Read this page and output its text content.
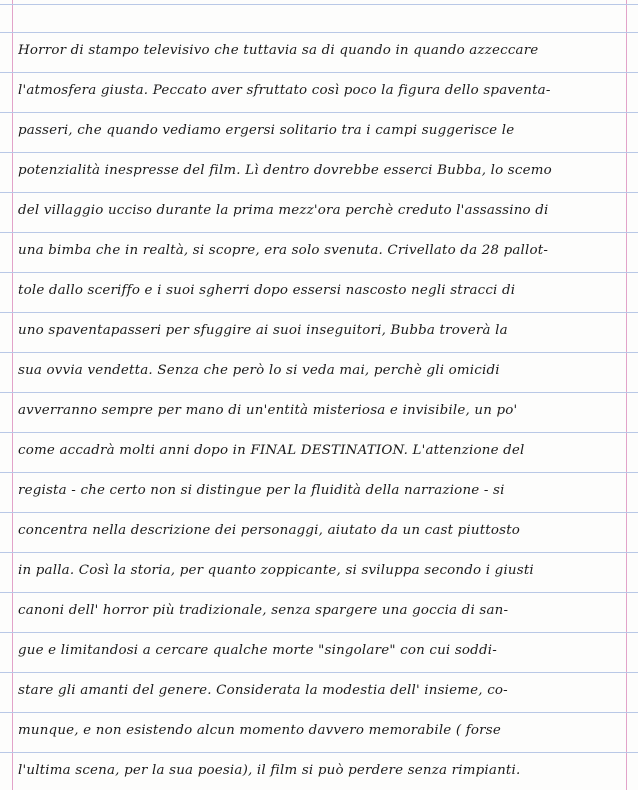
Horror di stampo televisivo che tuttavia sa di quando in quando azzeccare
l'atmosfera giusta. Peccato aver sfruttato così poco la figura dello spaventa-
passeri, che quando vediamo ergersi solitario tra i campi suggerisce le
potenzialità inespresse del film. Lì dentro dovrebbe esserci Bubba, lo scemo
del villaggio ucciso durante la prima mezz'ora perchè creduto l'assassino di
una bimba che in realtà, si scopre, era solo svenuta. Crivellato da 28 pallot-
tole dallo sceriffo e i suoi sgherri dopo essersi nascosto negli stracci di
uno spaventapasseri per sfuggire ai suoi inseguitori, Bubba troverà la
sua ovvia vendetta. Senza che però lo si veda mai, perchè gli omicidi
avverranno sempre per mano di un'entità misteriosa e invisibile, un po'
come accadrà molti anni dopo in FINAL DESTINATION. L'attenzione del
regista - che certo non si distingue per la fluidità della narrazione - si
concentra nella descrizione dei personaggi, aiutato da un cast piuttosto
in palla. Così la storia, per quanto zoppicante, si sviluppa secondo i giusti
canoni dell' horror più tradizionale, senza spargere una goccia di san-
gue e limitandosi a cercare qualche morte "singolare" con cui soddi-
stare gli amanti del genere. Considerata la modestia dell' insieme, co-
munque, e non esistendo alcun momento davvero memorabile ( forse
l'ultima scena, per la sua poesia), il film si può perdere senza rimpianti.
